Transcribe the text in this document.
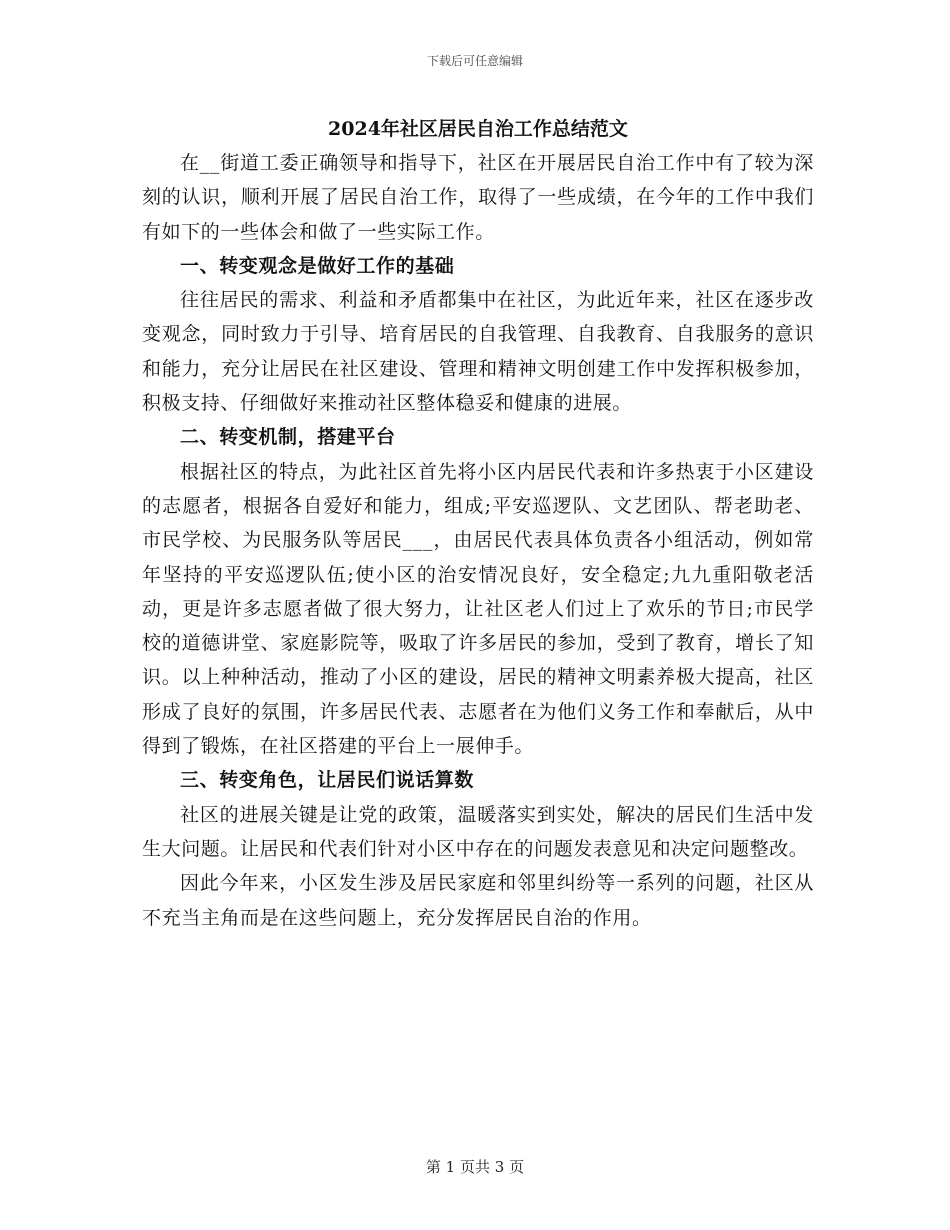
下载后可任意编辑
2024年社区居民自治工作总结范文

在__街道工委正确领导和指导下，社区在开展居民自治工作中有了较为深刻的认识，顺利开展了居民自治工作，取得了一些成绩，在今年的工作中我们有如下的一些体会和做了一些实际工作。

一、转变观念是做好工作的基础

往往居民的需求、利益和矛盾都集中在社区，为此近年来，社区在逐步改变观念，同时致力于引导、培育居民的自我管理、自我教育、自我服务的意识和能力，充分让居民在社区建设、管理和精神文明创建工作中发挥积极参加，积极支持、仔细做好来推动社区整体稳妥和健康的进展。

二、转变机制，搭建平台

根据社区的特点，为此社区首先将小区内居民代表和许多热衷于小区建设的志愿者，根据各自爱好和能力，组成;平安巡逻队、文艺团队、帮老助老、市民学校、为民服务队等居民___，由居民代表具体负责各小组活动，例如常年坚持的平安巡逻队伍;使小区的治安情况良好，安全稳定;九九重阳敬老活动，更是许多志愿者做了很大努力，让社区老人们过上了欢乐的节日;市民学校的道德讲堂、家庭影院等，吸取了许多居民的参加，受到了教育，增长了知识。以上种种活动，推动了小区的建设，居民的精神文明素养极大提高，社区形成了良好的氛围，许多居民代表、志愿者在为他们义务工作和奉献后，从中得到了锻炼，在社区搭建的平台上一展伸手。

三、转变角色，让居民们说话算数

社区的进展关键是让党的政策，温暖落实到实处，解决的居民们生活中发生大问题。让居民和代表们针对小区中存在的问题发表意见和决定问题整改。

因此今年来，小区发生涉及居民家庭和邻里纠纷等一系列的问题，社区从不充当主角而是在这些问题上，充分发挥居民自治的作用。

第 1 页共 3 页
